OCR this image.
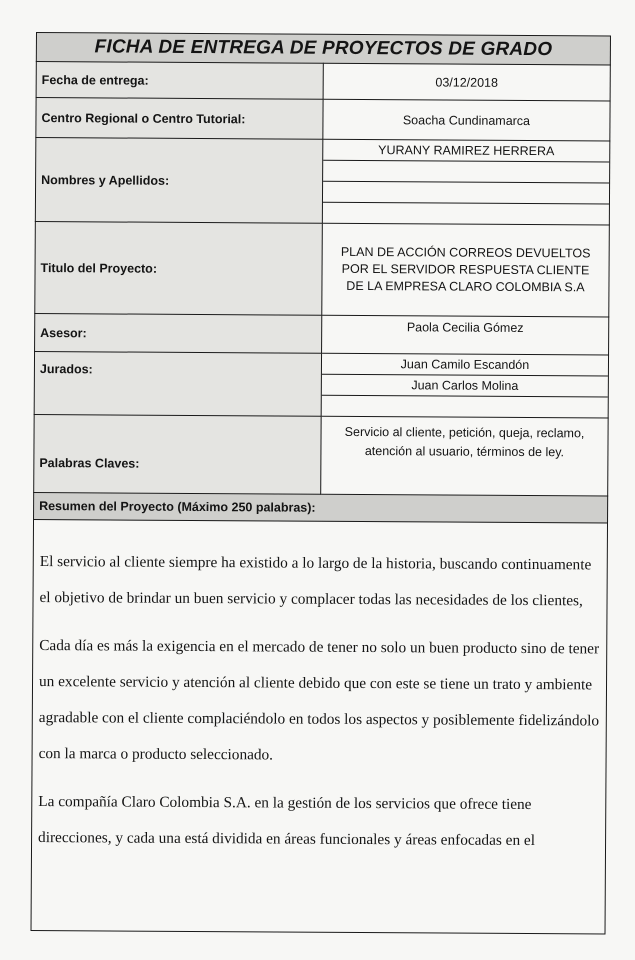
FICHA DE ENTREGA DE PROYECTOS DE GRADO	
Fecha de entrega:	03/12/2018
Centro Regional o Centro Tutorial:	Soacha Cundinamarca
Nombres y Apellidos:	YURANY RAMIREZ HERRERA

Titulo del Proyecto:	PLAN DE ACCIÓN CORREOS DEVUELTOS POR EL SERVIDOR RESPUESTA CLIENTE DE LA EMPRESA CLARO COLOMBIA S.A
Asesor:	Paola Cecilia Gómez
Jurados:	Juan Camilo Escandón
Juan Carlos Molina

Palabras Claves:	Servicio al cliente, petición, queja, reclamo, atención al usuario, términos de ley.
Resumen del Proyecto (Máximo 250 palabras):	

El servicio al cliente siempre ha existido a lo largo de la historia, buscando continuamente el objetivo de brindar un buen servicio y complacer todas las necesidades de los clientes,

Cada día es más la exigencia en el mercado de tener no solo un buen producto sino de tener un excelente servicio y atención al cliente debido que con este se tiene un trato y ambiente agradable con el cliente complaciéndolo en todos los aspectos y posiblemente fidelizándolo con la marca o producto seleccionado.

La compañía Claro Colombia S.A. en la gestión de los servicios que ofrece tiene direcciones, y cada una está dividida en áreas funcionales y áreas enfocadas en el	
